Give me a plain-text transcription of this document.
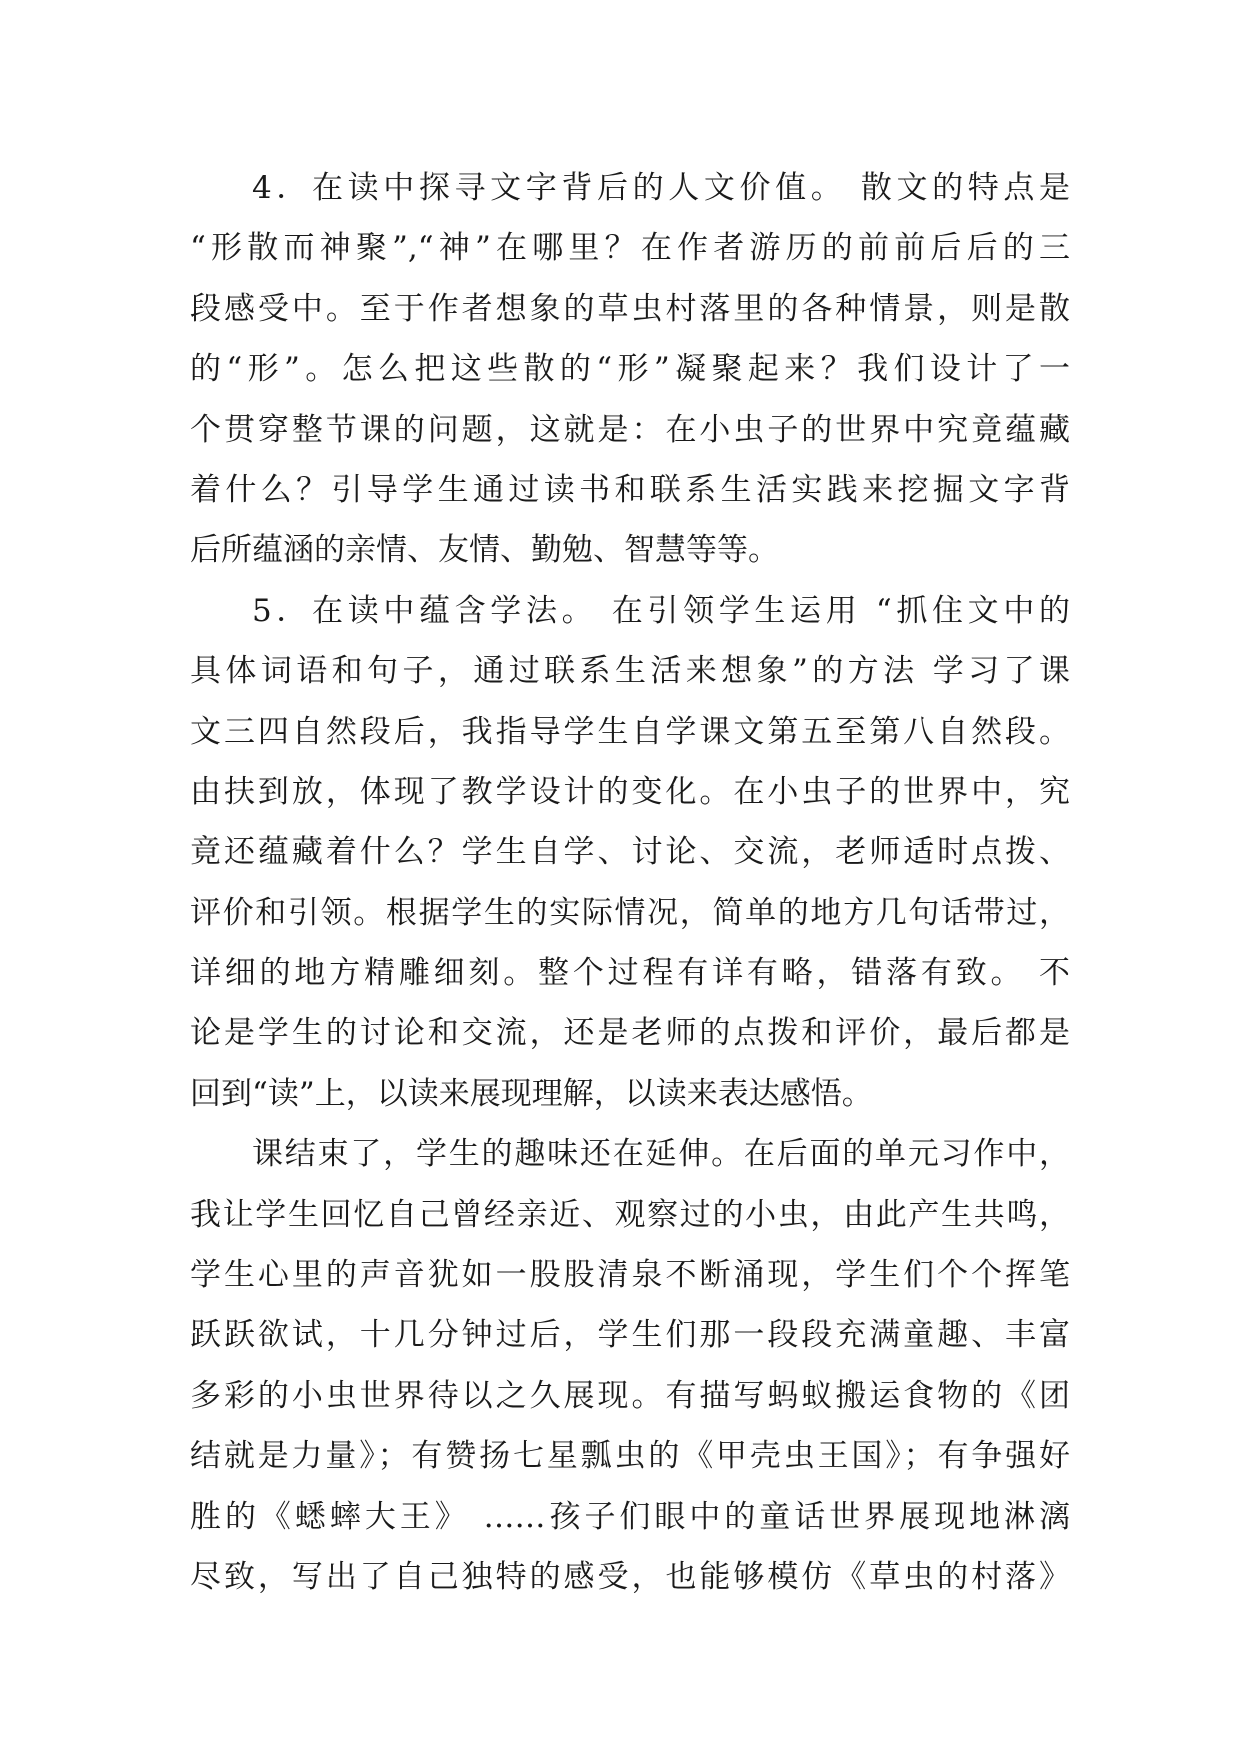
4．在读中探寻文字背后的人文价值。 散文的特点是
“形散而神聚”,“神”在哪里？在作者游历的前前后后的三
段感受中。至于作者想象的草虫村落里的各种情景，则是散
的“形”。怎么把这些散的“形”凝聚起来？我们设计了一
个贯穿整节课的问题，这就是：在小虫子的世界中究竟蕴藏
着什么？引导学生通过读书和联系生活实践来挖掘文字背
后所蕴涵的亲情、友情、勤勉、智慧等等。
5．在读中蕴含学法。 在引领学生运用 “抓住文中的
具体词语和句子，通过联系生活来想象”的方法 学习了课
文三四自然段后，我指导学生自学课文第五至第八自然段。
由扶到放，体现了教学设计的变化。在小虫子的世界中，究
竟还蕴藏着什么？学生自学、讨论、交流，老师适时点拨、
评价和引领。根据学生的实际情况，简单的地方几句话带过，
详细的地方精雕细刻。整个过程有详有略，错落有致。 不
论是学生的讨论和交流，还是老师的点拨和评价，最后都是
回到“读”上，以读来展现理解，以读来表达感悟。
课结束了，学生的趣味还在延伸。在后面的单元习作中，
我让学生回忆自己曾经亲近、观察过的小虫，由此产生共鸣，
学生心里的声音犹如一股股清泉不断涌现，学生们个个挥笔
跃跃欲试，十几分钟过后，学生们那一段段充满童趣、丰富
多彩的小虫世界待以之久展现。有描写蚂蚁搬运食物的《团
结就是力量》；有赞扬七星瓢虫的《甲壳虫王国》；有争强好
胜的《蟋蟀大王》 ……孩子们眼中的童话世界展现地淋漓
尽致，写出了自己独特的感受，也能够模仿《草虫的村落》
